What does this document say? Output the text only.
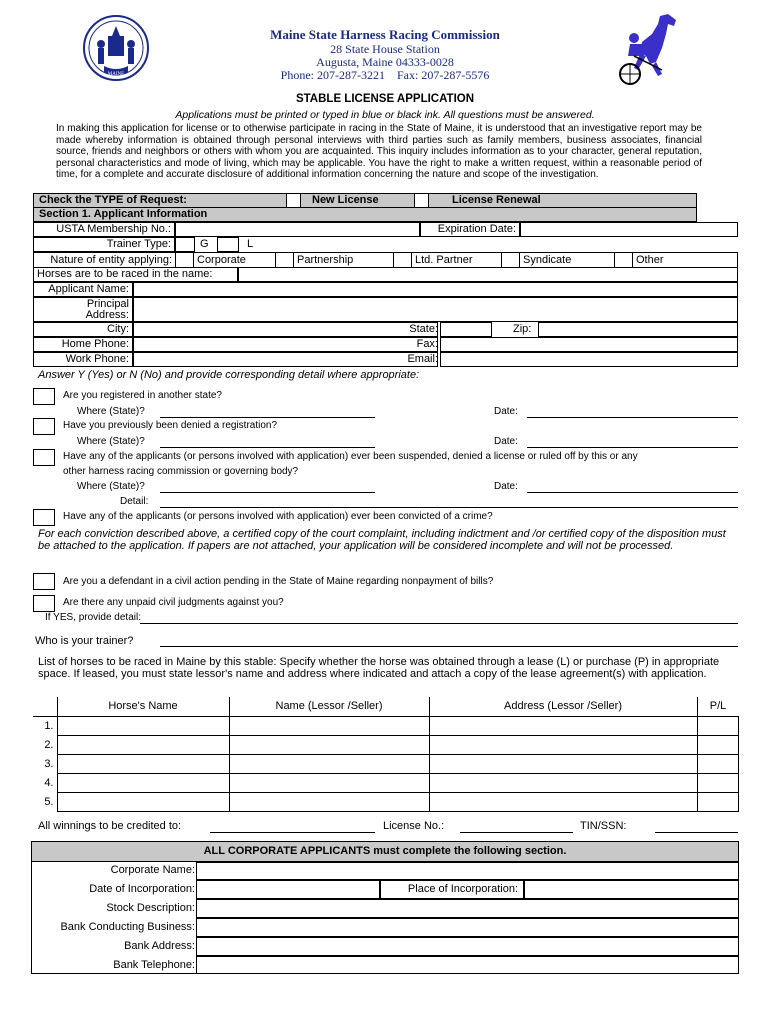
MAINE
Maine State Harness Racing Commission
28 State House Station
Augusta, Maine 04333-0028
Phone: 207-287-3221    Fax: 207-287-5576
STABLE LICENSE APPLICATION
Applications must be printed or typed in blue or black ink. All questions must be answered.
In making this application for license or to otherwise participate in racing in the State of Maine, it is understood that an investigative report may be made whereby information is obtained through personal interviews with third parties such as family members, business associates, financial source, friends and neighbors or others with whom you are acquainted. This inquiry includes information as to your character, general reputation, personal characteristics and mode of living, which may be applicable. You have the right to make a written request, within a reasonable period of time, for a complete and accurate disclosure of additional information concerning the nature and scope of the investigation.
Check the TYPE of Request:	New License	License Renewal
Section 1. Applicant Information
USTA Membership No.:	Expiration Date:
Trainer Type:	G	L
Nature of entity applying:		Corporate		Partnership		Ltd. Partner		Syndicate		Other
Horses are to be raced in the name:
Applicant Name:
Principal
Address:
City:	State:	Zip:
Home Phone:	Fax:
Work Phone:	Email:
Answer Y (Yes) or N (No) and provide corresponding detail where appropriate:
Are you registered in another state?
Where (State)?	Date:
Have you previously been denied a registration?
Where (State)?	Date:
Have any of the applicants (or persons involved with application) ever been suspended, denied a license or ruled off by this or any
other harness racing commission or governing body?
Where (State)?	Date:
Detail:
Have any of the applicants (or persons involved with application) ever been convicted of a crime?
For each conviction described above, a certified copy of the court complaint, including indictment and /or certified copy of the disposition must be attached to the application. If papers are not attached, your application will be considered incomplete and will not be processed.
Are you a defendant in a civil action pending in the State of Maine regarding nonpayment of bills?
Are there any unpaid civil judgments against you?
If YES, provide detail:
Who is your trainer?
List of horses to be raced in Maine by this stable: Specify whether the horse was obtained through a lease (L) or purchase (P) in appropriate space. If leased, you must state lessor's name and address where indicated and attach a copy of the lease agreement(s) with application.
	Horse's Name	Name (Lessor /Seller)	Address (Lessor /Seller)	P/L
1.				
2.				
3.				
4.				
5.				
All winnings to be credited to:	License No.:	TIN/SSN:
ALL CORPORATE APPLICANTS must complete the following section.
Corporate Name:
Date of Incorporation:	Place of Incorporation:
Stock Description:
Bank Conducting Business:
Bank Address:
Bank Telephone:
